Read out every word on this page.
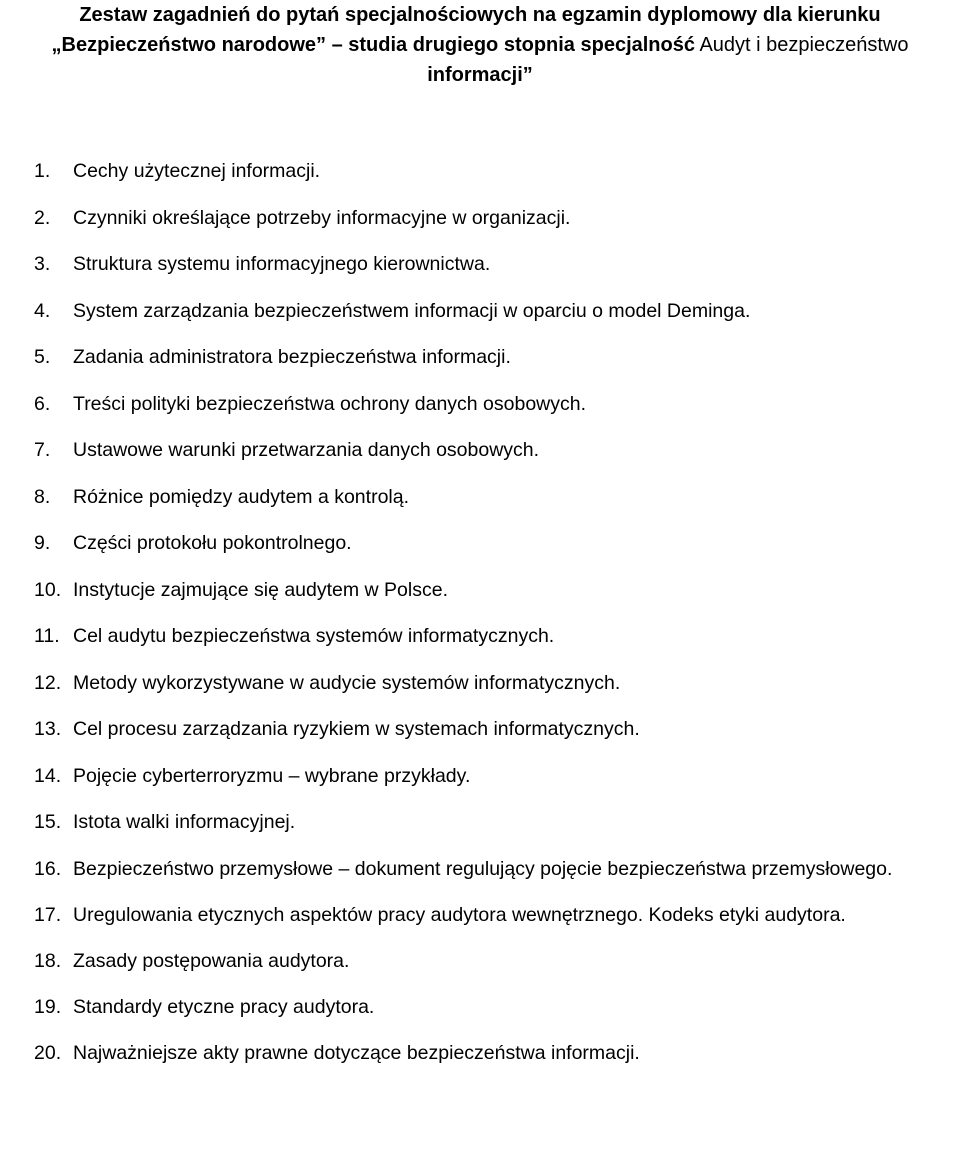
Zestaw zagadnień do pytań specjalnościowych na egzamin dyplomowy dla kierunku
„Bezpieczeństwo narodowe” – studia drugiego stopnia specjalność Audyt i bezpieczeństwo
informacji”
1. Cechy użytecznej informacji.
2. Czynniki określające potrzeby informacyjne w organizacji.
3. Struktura systemu informacyjnego kierownictwa.
4. System zarządzania bezpieczeństwem informacji w oparciu o model Deminga.
5. Zadania administratora bezpieczeństwa informacji.
6. Treści polityki bezpieczeństwa ochrony danych osobowych.
7. Ustawowe warunki przetwarzania danych osobowych.
8. Różnice pomiędzy audytem a kontrolą.
9. Części protokołu pokontrolnego.
10. Instytucje zajmujące się audytem w Polsce.
11. Cel audytu bezpieczeństwa systemów informatycznych.
12. Metody wykorzystywane w audycie systemów informatycznych.
13. Cel procesu zarządzania ryzykiem w systemach informatycznych.
14. Pojęcie cyberterroryzmu – wybrane przykłady.
15. Istota walki informacyjnej.
16. Bezpieczeństwo przemysłowe – dokument regulujący pojęcie bezpieczeństwa przemysłowego.
17. Uregulowania etycznych aspektów pracy audytora wewnętrznego. Kodeks etyki audytora.
18. Zasady postępowania audytora.
19. Standardy etyczne pracy audytora.
20. Najważniejsze akty prawne dotyczące bezpieczeństwa informacji.
